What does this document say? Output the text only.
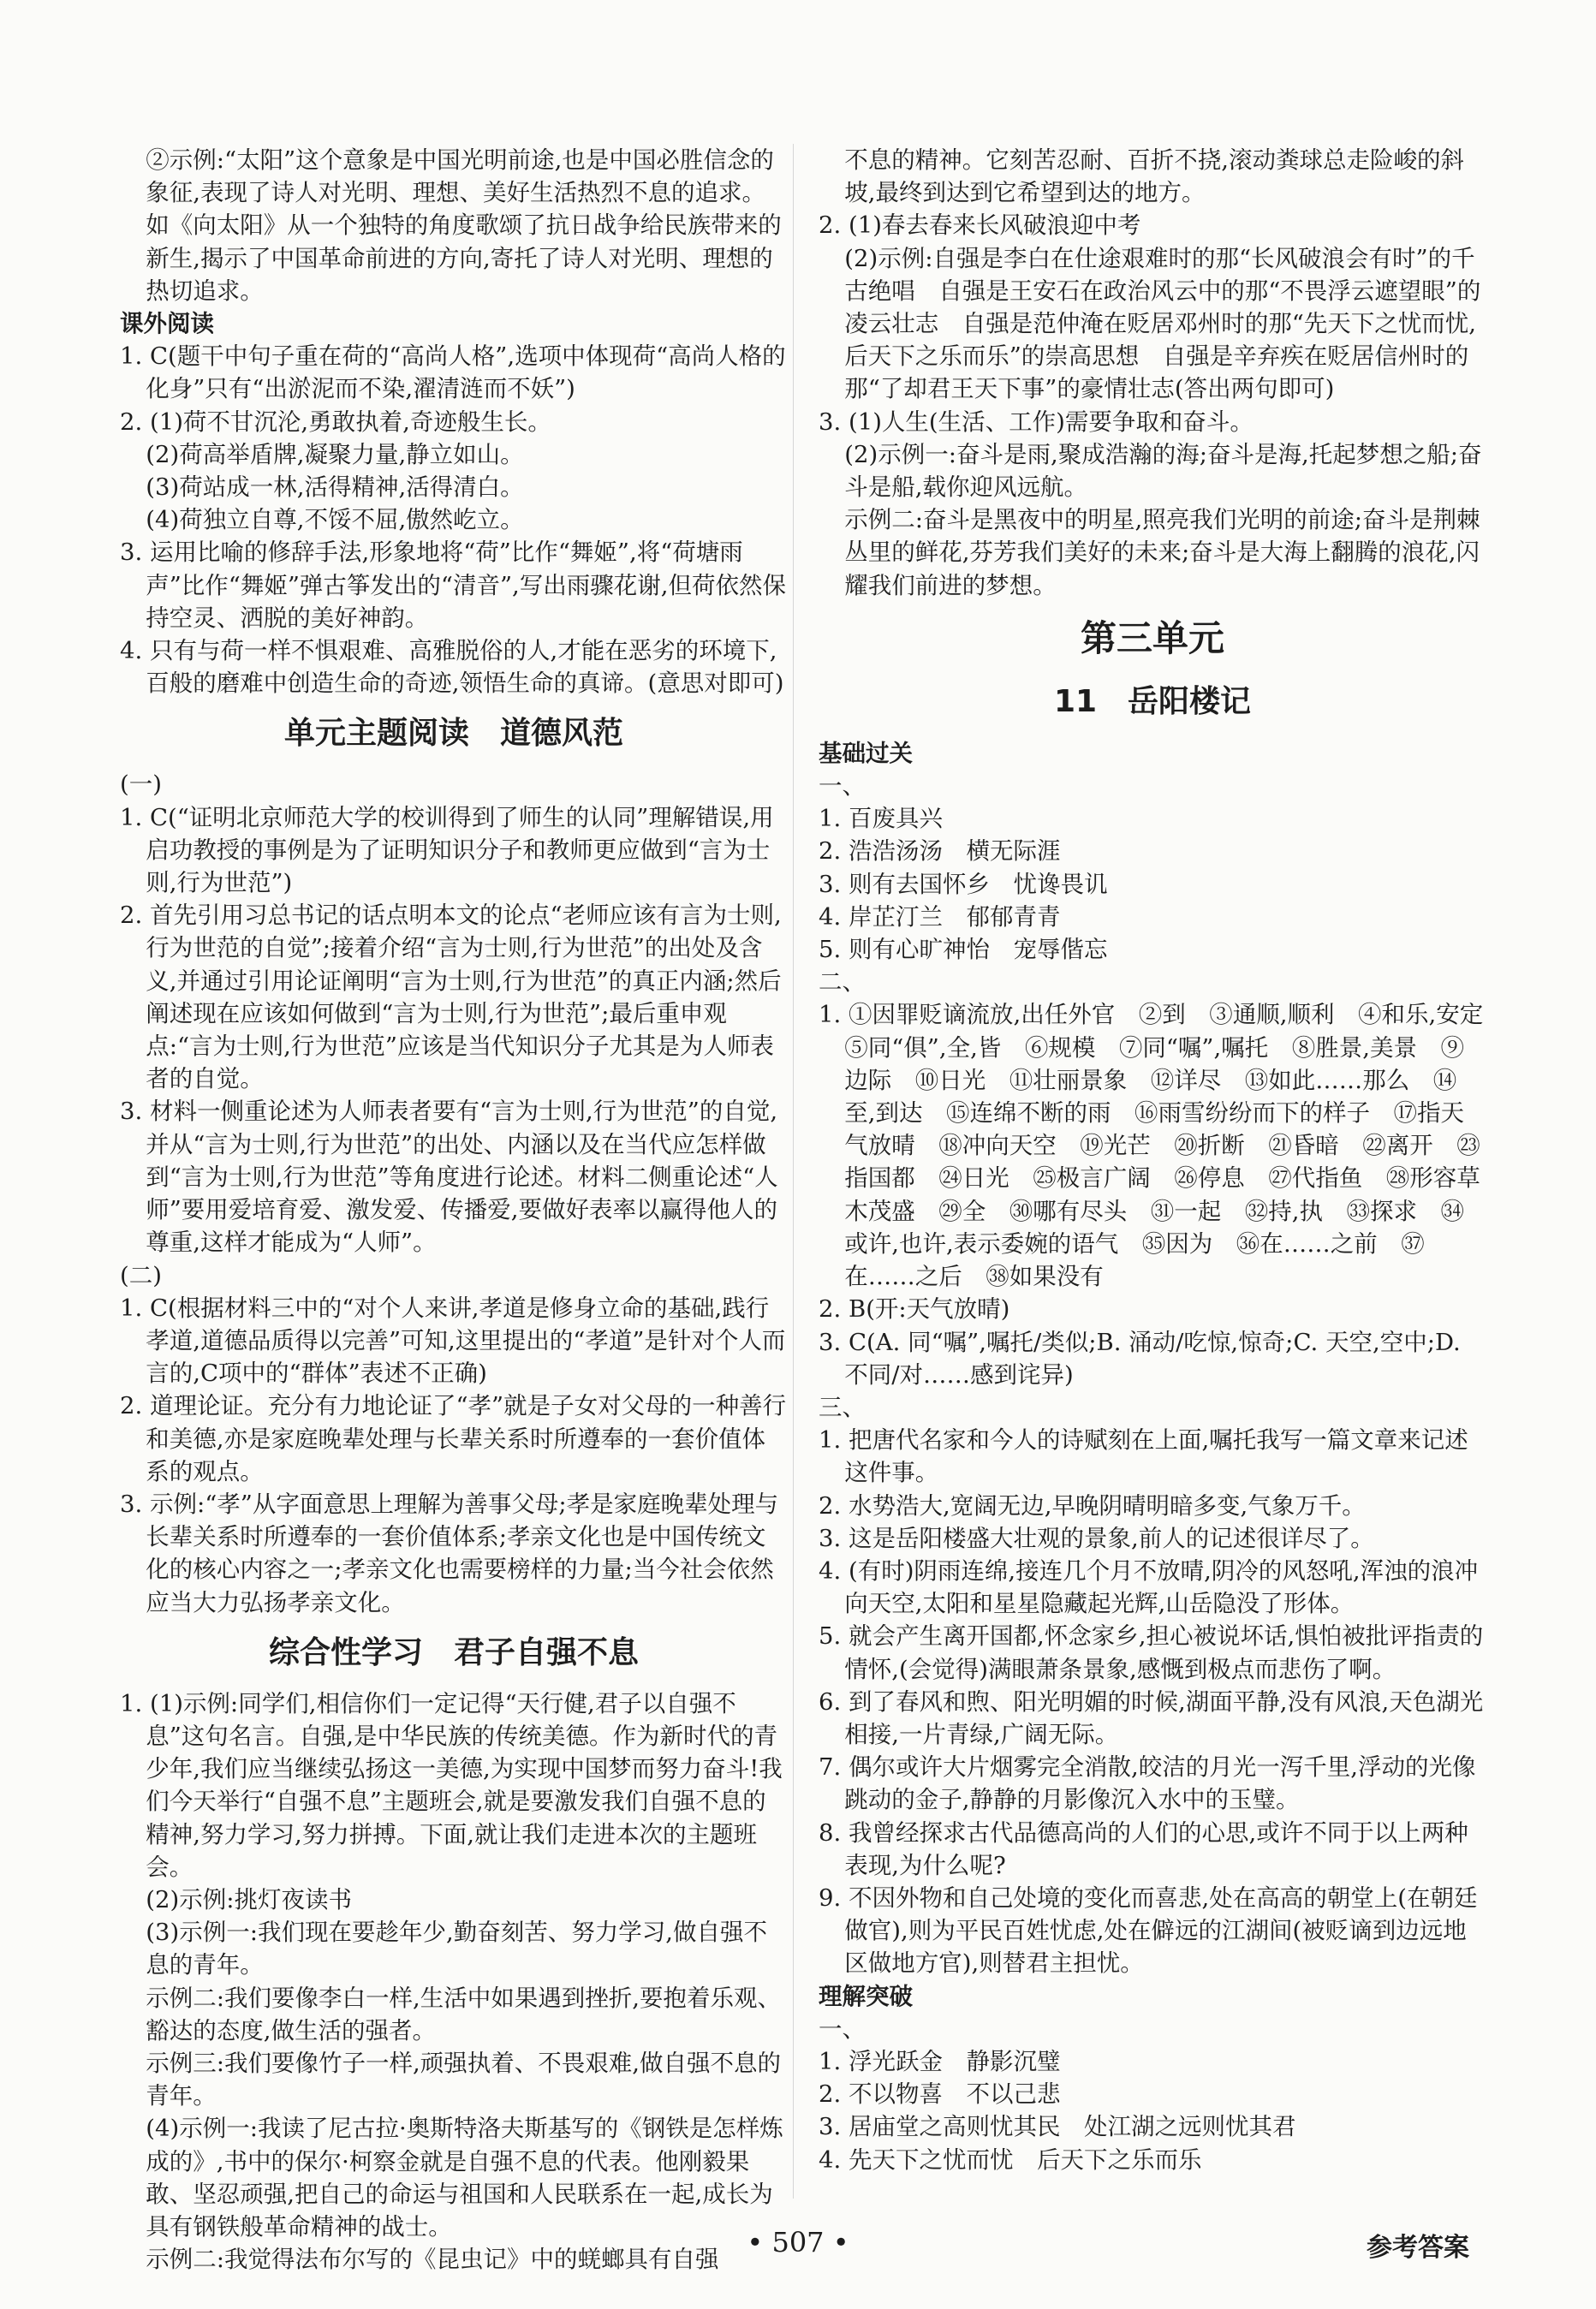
②示例:“太阳”这个意象是中国光明前途,也是中国必胜信念的象征,表现了诗人对光明、理想、美好生活热烈不息的追求。如《向太阳》从一个独特的角度歌颂了抗日战争给民族带来的新生,揭示了中国革命前进的方向,寄托了诗人对光明、理想的热切追求。

课外阅读

1. C(题干中句子重在荷的“高尚人格”,选项中体现荷“高尚人格的化身”只有“出淤泥而不染,濯清涟而不妖”)

2. (1)荷不甘沉沦,勇敢执着,奇迹般生长。

(2)荷高举盾牌,凝聚力量,静立如山。

(3)荷站成一林,活得精神,活得清白。

(4)荷独立自尊,不馁不屈,傲然屹立。

3. 运用比喻的修辞手法,形象地将“荷”比作“舞姬”,将“荷塘雨声”比作“舞姬”弹古筝发出的“清音”,写出雨骤花谢,但荷依然保持空灵、洒脱的美好神韵。

4. 只有与荷一样不惧艰难、高雅脱俗的人,才能在恶劣的环境下,百般的磨难中创造生命的奇迹,领悟生命的真谛。(意思对即可)

单元主题阅读　道德风范

(一)

1. C(“证明北京师范大学的校训得到了师生的认同”理解错误,用启功教授的事例是为了证明知识分子和教师更应做到“言为士则,行为世范”)

2. 首先引用习总书记的话点明本文的论点“老师应该有言为士则,行为世范的自觉”;接着介绍“言为士则,行为世范”的出处及含义,并通过引用论证阐明“言为士则,行为世范”的真正内涵;然后阐述现在应该如何做到“言为士则,行为世范”;最后重申观点:“言为士则,行为世范”应该是当代知识分子尤其是为人师表者的自觉。

3. 材料一侧重论述为人师表者要有“言为士则,行为世范”的自觉,并从“言为士则,行为世范”的出处、内涵以及在当代应怎样做到“言为士则,行为世范”等角度进行论述。材料二侧重论述“人师”要用爱培育爱、激发爱、传播爱,要做好表率以赢得他人的尊重,这样才能成为“人师”。

(二)

1. C(根据材料三中的“对个人来讲,孝道是修身立命的基础,践行孝道,道德品质得以完善”可知,这里提出的“孝道”是针对个人而言的,C项中的“群体”表述不正确)

2. 道理论证。充分有力地论证了“孝”就是子女对父母的一种善行和美德,亦是家庭晚辈处理与长辈关系时所遵奉的一套价值体系的观点。

3. 示例:“孝”从字面意思上理解为善事父母;孝是家庭晚辈处理与长辈关系时所遵奉的一套价值体系;孝亲文化也是中国传统文化的核心内容之一;孝亲文化也需要榜样的力量;当今社会依然应当大力弘扬孝亲文化。

综合性学习　君子自强不息

1. (1)示例:同学们,相信你们一定记得“天行健,君子以自强不息”这句名言。自强,是中华民族的传统美德。作为新时代的青少年,我们应当继续弘扬这一美德,为实现中国梦而努力奋斗!我们今天举行“自强不息”主题班会,就是要激发我们自强不息的精神,努力学习,努力拼搏。下面,就让我们走进本次的主题班会。

(2)示例:挑灯夜读书

(3)示例一:我们现在要趁年少,勤奋刻苦、努力学习,做自强不息的青年。

示例二:我们要像李白一样,生活中如果遇到挫折,要抱着乐观、豁达的态度,做生活的强者。

示例三:我们要像竹子一样,顽强执着、不畏艰难,做自强不息的青年。

(4)示例一:我读了尼古拉·奥斯特洛夫斯基写的《钢铁是怎样炼成的》,书中的保尔·柯察金就是自强不息的代表。他刚毅果敢、坚忍顽强,把自己的命运与祖国和人民联系在一起,成长为具有钢铁般革命精神的战士。

示例二:我觉得法布尔写的《昆虫记》中的蜣螂具有自强

不息的精神。它刻苦忍耐、百折不挠,滚动粪球总走险峻的斜坡,最终到达到它希望到达的地方。

2. (1)春去春来长风破浪迎中考

(2)示例:自强是李白在仕途艰难时的那“长风破浪会有时”的千古绝唱　自强是王安石在政治风云中的那“不畏浮云遮望眼”的凌云壮志　自强是范仲淹在贬居邓州时的那“先天下之忧而忧,后天下之乐而乐”的崇高思想　自强是辛弃疾在贬居信州时的那“了却君王天下事”的豪情壮志(答出两句即可)

3. (1)人生(生活、工作)需要争取和奋斗。

(2)示例一:奋斗是雨,聚成浩瀚的海;奋斗是海,托起梦想之船;奋斗是船,载你迎风远航。

示例二:奋斗是黑夜中的明星,照亮我们光明的前途;奋斗是荆棘丛里的鲜花,芬芳我们美好的未来;奋斗是大海上翻腾的浪花,闪耀我们前进的梦想。

第三单元
11　岳阳楼记
基础过关

一、

1. 百废具兴

2. 浩浩汤汤　横无际涯

3. 则有去国怀乡　忧谗畏讥

4. 岸芷汀兰　郁郁青青

5. 则有心旷神怡　宠辱偕忘

二、

1. ①因罪贬谪流放,出任外官　②到　③通顺,顺利　④和乐,安定　⑤同“俱”,全,皆　⑥规模　⑦同“嘱”,嘱托　⑧胜景,美景　⑨边际　⑩日光　⑪壮丽景象　⑫详尽　⑬如此……那么　⑭至,到达　⑮连绵不断的雨　⑯雨雪纷纷而下的样子　⑰指天气放晴　⑱冲向天空　⑲光芒　⑳折断　㉑昏暗　㉒离开　㉓指国都　㉔日光　㉕极言广阔　㉖停息　㉗代指鱼　㉘形容草木茂盛　㉙全　㉚哪有尽头　㉛一起　㉜持,执　㉝探求　㉞或许,也许,表示委婉的语气　㉟因为　㊱在……之前　㊲在……之后　㊳如果没有

2. B(开:天气放晴)

3. C(A. 同“嘱”,嘱托/类似;B. 涌动/吃惊,惊奇;C. 天空,空中;D. 不同/对……感到诧异)

三、

1. 把唐代名家和今人的诗赋刻在上面,嘱托我写一篇文章来记述这件事。

2. 水势浩大,宽阔无边,早晚阴晴明暗多变,气象万千。

3. 这是岳阳楼盛大壮观的景象,前人的记述很详尽了。

4. (有时)阴雨连绵,接连几个月不放晴,阴冷的风怒吼,浑浊的浪冲向天空,太阳和星星隐藏起光辉,山岳隐没了形体。

5. 就会产生离开国都,怀念家乡,担心被说坏话,惧怕被批评指责的情怀,(会觉得)满眼萧条景象,感慨到极点而悲伤了啊。

6. 到了春风和煦、阳光明媚的时候,湖面平静,没有风浪,天色湖光相接,一片青绿,广阔无际。

7. 偶尔或许大片烟雾完全消散,皎洁的月光一泻千里,浮动的光像跳动的金子,静静的月影像沉入水中的玉璧。

8. 我曾经探求古代品德高尚的人们的心思,或许不同于以上两种表现,为什么呢?

9. 不因外物和自己处境的变化而喜悲,处在高高的朝堂上(在朝廷做官),则为平民百姓忧虑,处在僻远的江湖间(被贬谪到边远地区做地方官),则替君主担忧。

理解突破

一、

1. 浮光跃金　静影沉璧

2. 不以物喜　不以己悲

3. 居庙堂之高则忧其民　处江湖之远则忧其君

4. 先天下之忧而忧　后天下之乐而乐

• 507 •	参考答案
